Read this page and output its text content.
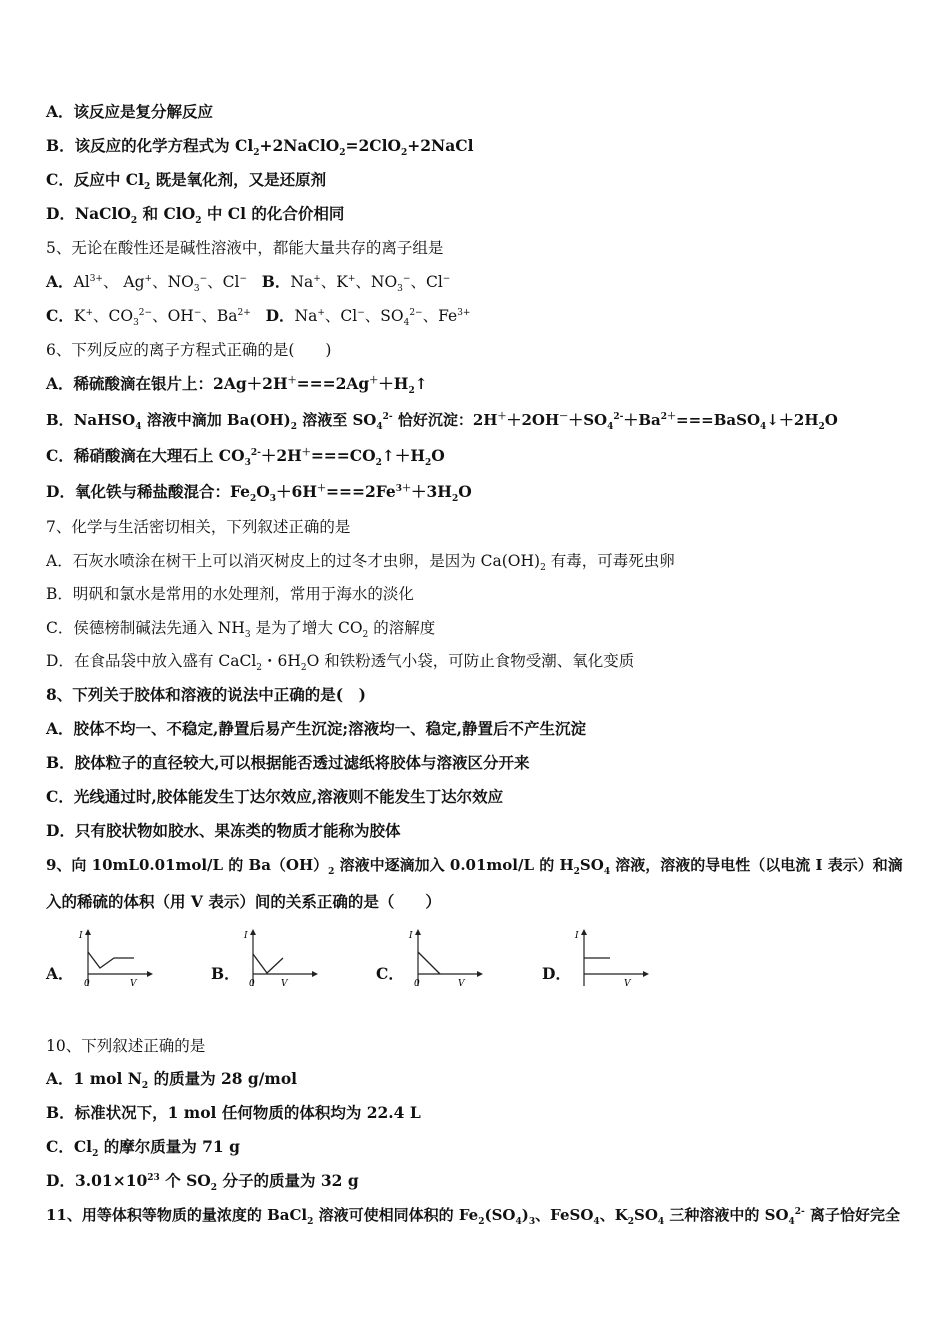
A．该反应是复分解反应
B．该反应的化学方程式为 $Cl_2+2NaClO_2=2ClO_2+2NaCl$
C．反应中 $Cl_2$ 既是氧化剂，又是还原剂
D．NaClO$_2$ 和 ClO$_2$ 中 Cl 的化合价相同
5、无论在酸性还是碱性溶液中，都能大量共存的离子组是
A．$Al^{3+}$、 Ag+、$NO_3^-$、Cl− B．Na+、K+、$NO_3^-$、Cl−
C．K+、$CO_3^{2-}$、OH−、$Ba^{2+}$ D．Na+、Cl−、$SO_4^{2-}$、$Fe^{3+}$
6、下列反应的离子方程式正确的是(　　)
A．稀硫酸滴在银片上：$2Ag+2H^+===2Ag^++H_2↑$
B．NaHSO$_4$ 溶液中滴加 $Ba(OH)_2$ 溶液至 $SO_4^{2-}$ 恰好沉淀：$2H^++2OH^-+SO_4^{2-}+Ba^{2+}===BaSO_4↓+2H_2O$
C．稀硝酸滴在大理石上 $CO_3^{2-}+2H^+===CO_2↑+H_2O$
D．氧化铁与稀盐酸混合：$Fe_2O_3+6H^+===2Fe^{3+}+3H_2O$
7、化学与生活密切相关，下列叙述正确的是
A．石灰水喷涂在树干上可以消灭树皮上的过冬才虫卵，是因为 $Ca(OH)_2$ 有毒，可毒死虫卵
B．明矾和氯水是常用的水处理剂，常用于海水的淡化
C．侯德榜制碱法先通入 $NH_3$ 是为了增大 $CO_2$ 的溶解度
D．在食品袋中放入盛有 CaCl$_2$・$6H_2O$ 和铁粉透气小袋，可防止食物受潮、氧化变质
8、下列关于胶体和溶液的说法中正确的是(　)
A．胶体不均一、不稳定,静置后易产生沉淀;溶液均一、稳定,静置后不产生沉淀
B．胶体粒子的直径较大,可以根据能否透过滤纸将胶体与溶液区分开来
C．光线通过时,胶体能发生丁达尔效应,溶液则不能发生丁达尔效应
D．只有胶状物如胶水、果冻类的物质才能称为胶体
9、向 10mL0.01mol/L 的 $Ba(OH)_2$ 溶液中逐滴加入 0.01mol/L 的 $H_2SO_4$ 溶液，溶液的导电性（以电流 I 表示）和滴
入的稀硫的体积（用 V 表示）间的关系正确的是（　　）
A．
I
0	V
B．
I
0	V
C．
I
0	V
D．
I
V
10、下列叙述正确的是
A．1 mol $N_2$ 的质量为 28 g/mol
B．标准状况下，1 mol 任何物质的体积均为 22.4 L
C．$Cl_2$ 的摩尔质量为 71 g
D．$3.01\times 10^{23}$ 个 $SO_2$ 分子的质量为 32 g
11、用等体积等物质的量浓度的 BaCl$_2$ 溶液可使相同体积的 $Fe_2(SO_4)_3$、FeSO$_4$、$K_2SO_4$ 三种溶液中的 $SO_4^{2-}$ 离子恰好完全
